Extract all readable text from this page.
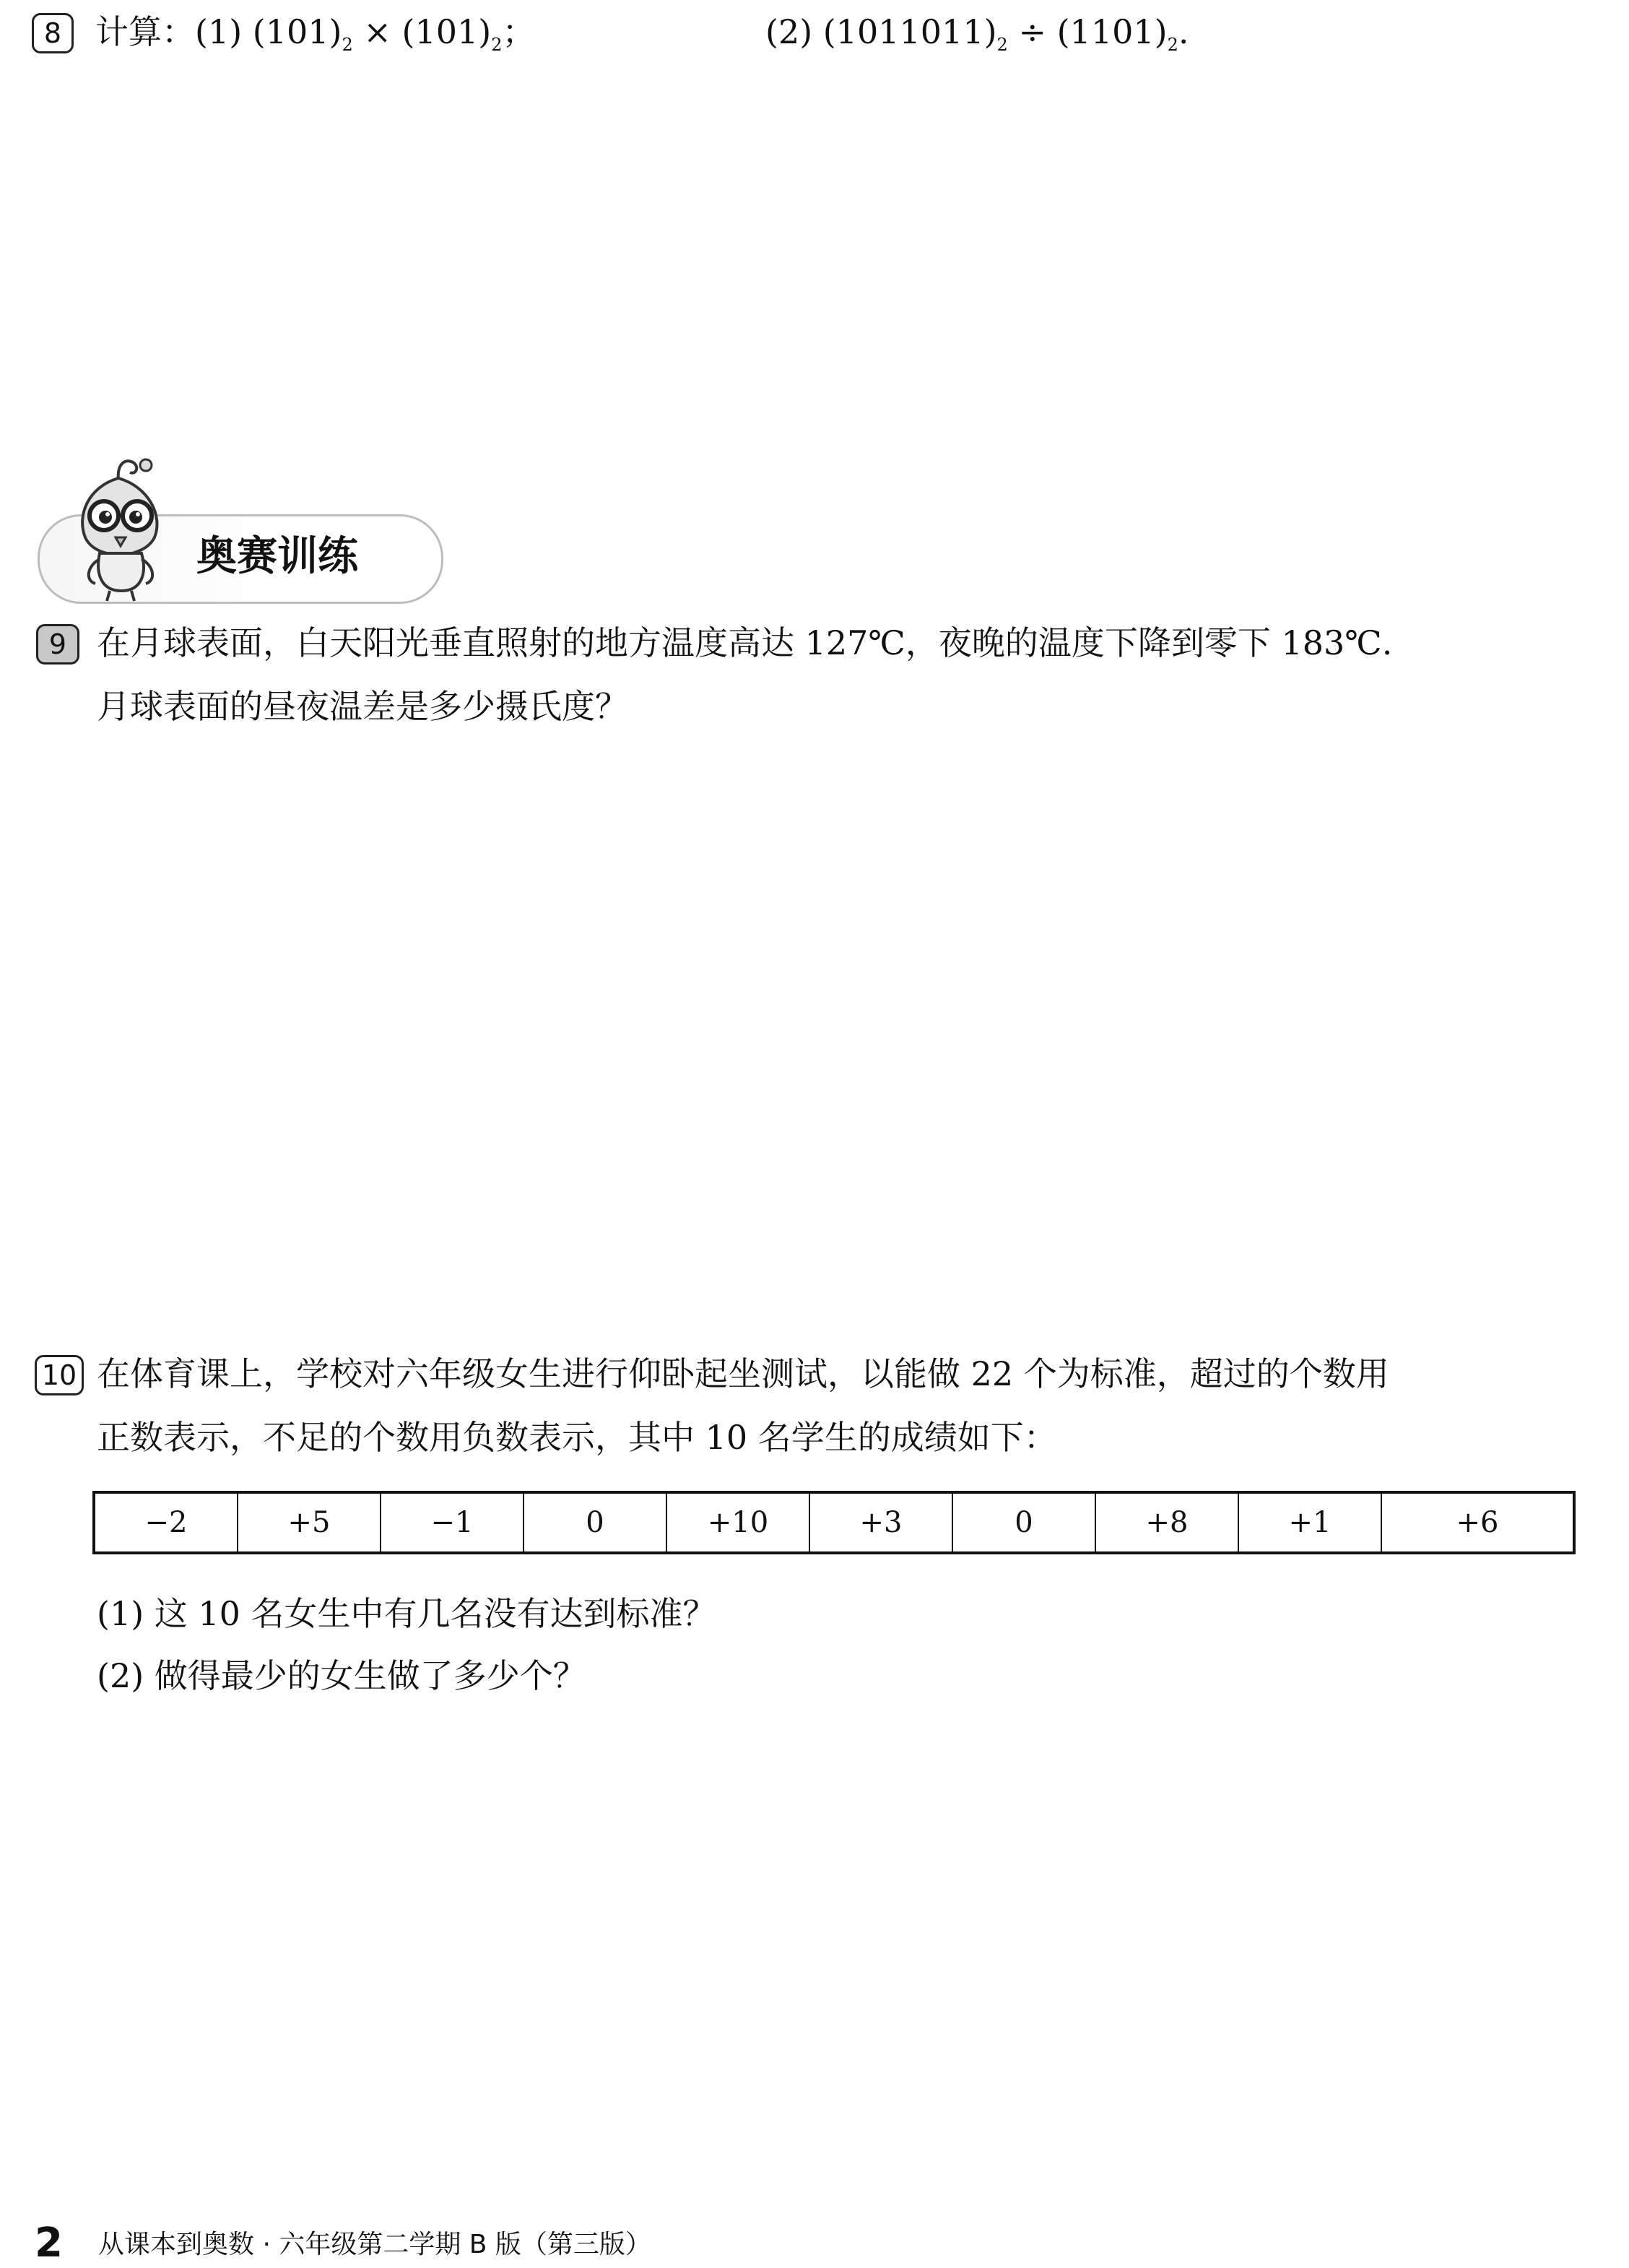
8	计算：(1) $(101)_2 \times (101)_2$；	(2) $(1011011)_2 \div (1101)_2$.
奥赛训练
9 在月球表面，白天阳光垂直照射的地方温度高达 127℃，夜晚的温度下降到零下 183℃.
月球表面的昼夜温差是多少摄氏度？
10 在体育课上，学校对六年级女生进行仰卧起坐测试，以能做 22 个为标准，超过的个数用
正数表示，不足的个数用负数表示，其中 10 名学生的成绩如下：
−2	+5	−1	0	+10	+3	0	+8	+1	+6
(1) 这 10 名女生中有几名没有达到标准？
(2) 做得最少的女生做了多少个？
2 从课本到奥数 · 六年级第二学期 B 版（第三版）
